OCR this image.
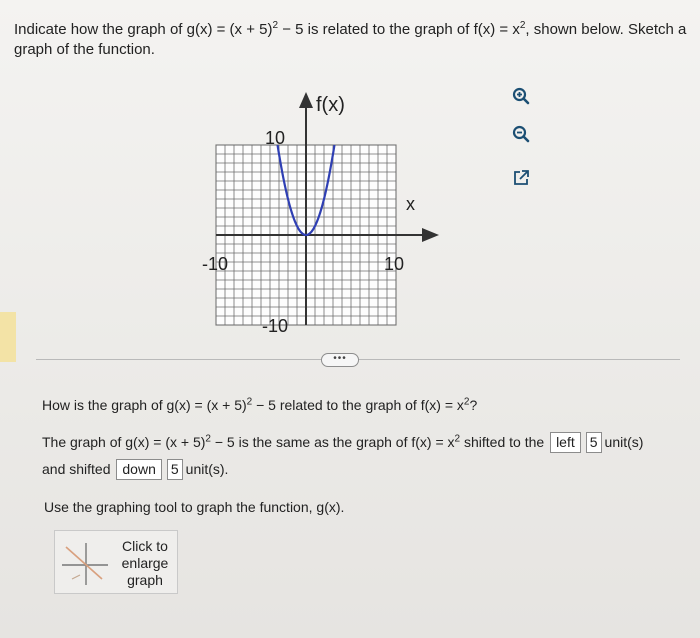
Indicate how the graph of $g(x) = (x + 5)^2 - 5$ is related to the graph of $f(x) = x^2$, shown below. Sketch a graph of the function.
f(x)
x
10
-10
-10	10
•••
How is the graph of $g(x) = (x + 5)^2 - 5$ related to the graph of $f(x) = x^2$?
The graph of $g(x) = (x + 5)^2 - 5$ is the same as the graph of $f(x) = x^2$ shifted to the left 5 unit(s)
and shifted down 5 unit(s).
Use the graphing tool to graph the function, g(x).
Click to enlarge graph
